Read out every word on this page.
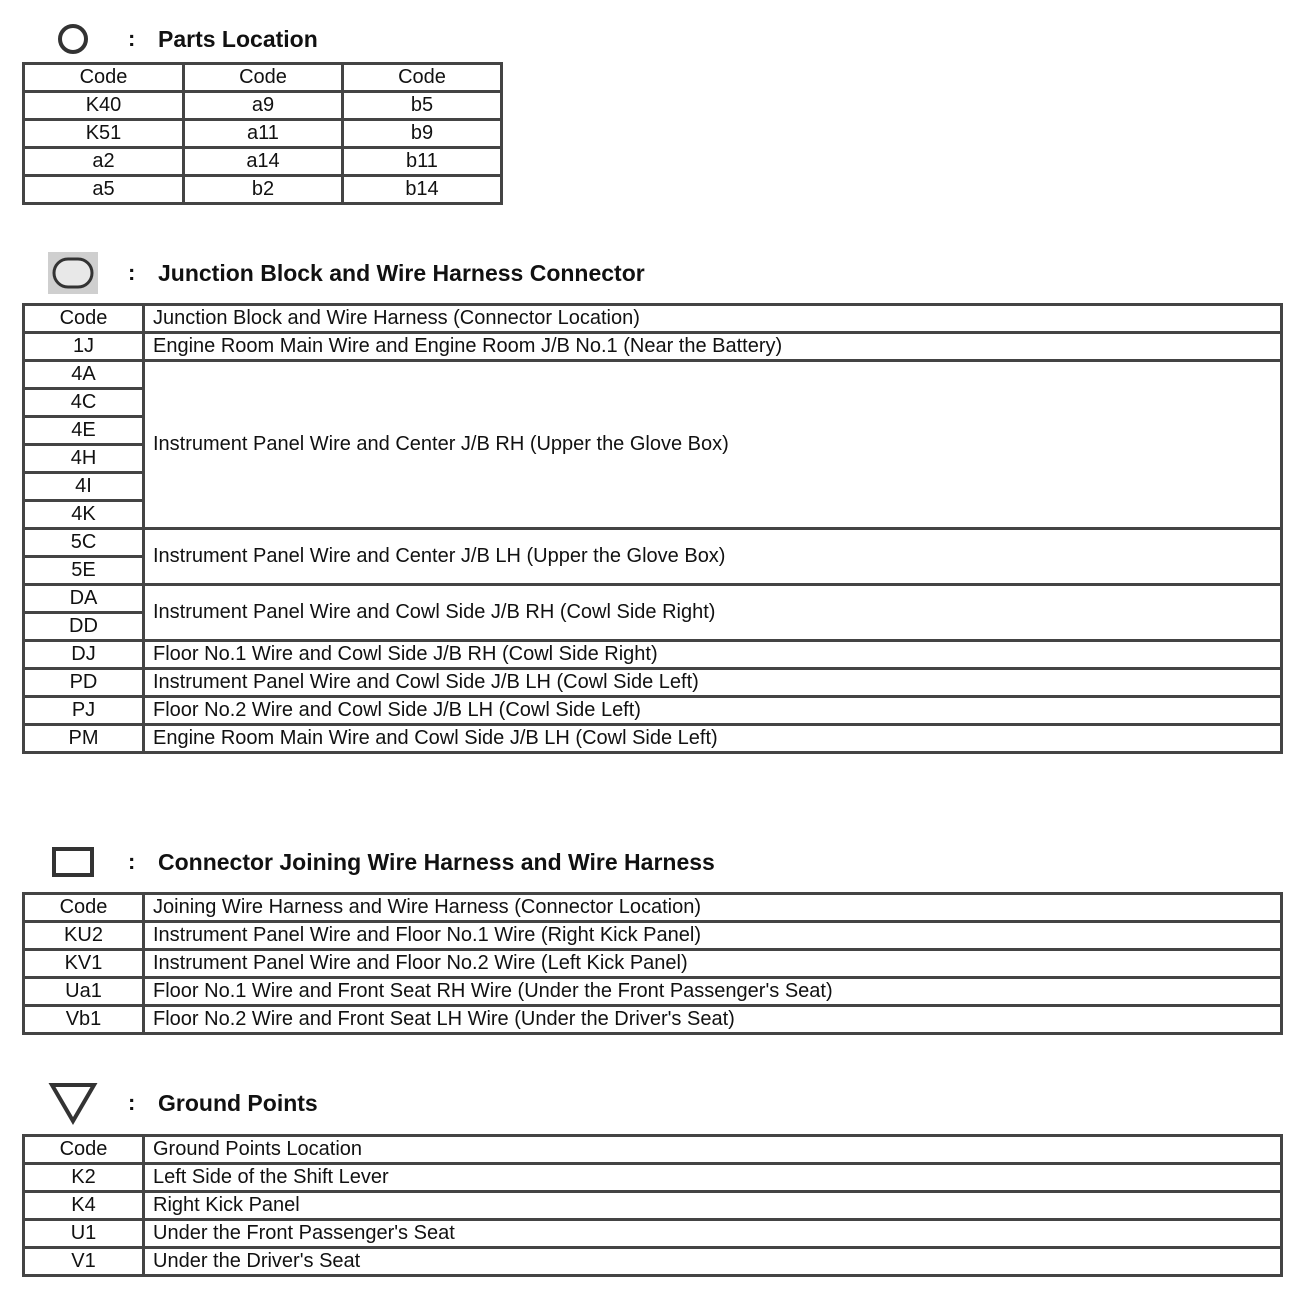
: Parts Location
Code	Code	Code
K40	a9	b5
K51	a11	b9
a2	a14	b11
a5	b2	b14
: Junction Block and Wire Harness Connector
Code	Junction Block and Wire Harness (Connector Location)
1J	Engine Room Main Wire and Engine Room J/B No.1 (Near the Battery)
4A	Instrument Panel Wire and Center J/B RH (Upper the Glove Box)
4C	
4E	
4H	
4I	
4K	
5C	Instrument Panel Wire and Center J/B LH (Upper the Glove Box)
5E	
DA	Instrument Panel Wire and Cowl Side J/B RH (Cowl Side Right)
DD	
DJ	Floor No.1 Wire and Cowl Side J/B RH (Cowl Side Right)
PD	Instrument Panel Wire and Cowl Side J/B LH (Cowl Side Left)
PJ	Floor No.2 Wire and Cowl Side J/B LH (Cowl Side Left)
PM	Engine Room Main Wire and Cowl Side J/B LH (Cowl Side Left)
: Connector Joining Wire Harness and Wire Harness
Code	Joining Wire Harness and Wire Harness (Connector Location)
KU2	Instrument Panel Wire and Floor No.1 Wire (Right Kick Panel)
KV1	Instrument Panel Wire and Floor No.2 Wire (Left Kick Panel)
Ua1	Floor No.1 Wire and Front Seat RH Wire (Under the Front Passenger's Seat)
Vb1	Floor No.2 Wire and Front Seat LH Wire (Under the Driver's Seat)
: Ground Points
Code	Ground Points Location
K2	Left Side of the Shift Lever
K4	Right Kick Panel
U1	Under the Front Passenger's Seat
V1	Under the Driver's Seat
